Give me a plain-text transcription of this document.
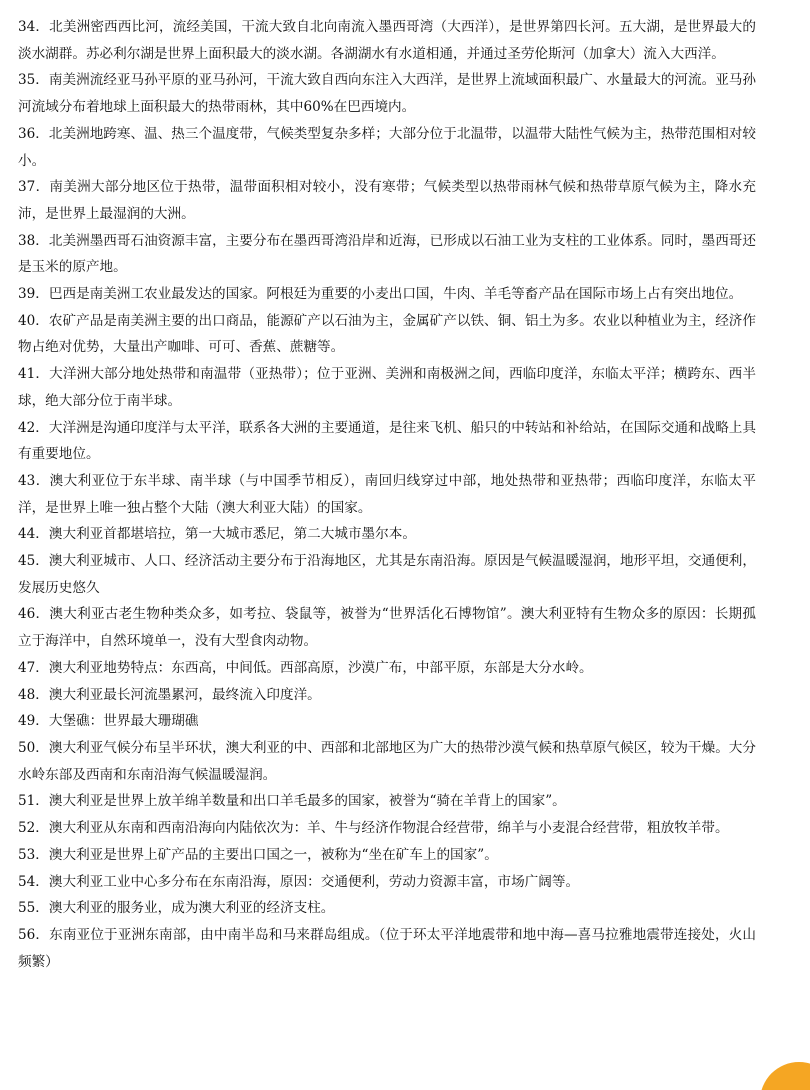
34．北美洲密西西比河，流经美国，干流大致自北向南流入墨西哥湾（大西洋），是世界第四长河。五大湖，是世界最大的淡水湖群。苏必利尔湖是世界上面积最大的淡水湖。各湖湖水有水道相通，并通过圣劳伦斯河（加拿大）流入大西洋。
35．南美洲流经亚马孙平原的亚马孙河，干流大致自西向东注入大西洋，是世界上流域面积最广、水量最大的河流。亚马孙河流域分布着地球上面积最大的热带雨林，其中60%在巴西境内。
36．北美洲地跨寒、温、热三个温度带，气候类型复杂多样；大部分位于北温带，以温带大陆性气候为主，热带范围相对较小。
37．南美洲大部分地区位于热带，温带面积相对较小，没有寒带；气候类型以热带雨林气候和热带草原气候为主，降水充沛，是世界上最湿润的大洲。
38．北美洲墨西哥石油资源丰富，主要分布在墨西哥湾沿岸和近海，已形成以石油工业为支柱的工业体系。同时，墨西哥还是玉米的原产地。
39．巴西是南美洲工农业最发达的国家。阿根廷为重要的小麦出口国，牛肉、羊毛等畜产品在国际市场上占有突出地位。
40．农矿产品是南美洲主要的出口商品，能源矿产以石油为主，金属矿产以铁、铜、铝土为多。农业以种植业为主，经济作物占绝对优势，大量出产咖啡、可可、香蕉、蔗糖等。
41．大洋洲大部分地处热带和南温带（亚热带）；位于亚洲、美洲和南极洲之间，西临印度洋，东临太平洋；横跨东、西半球，绝大部分位于南半球。
42．大洋洲是沟通印度洋与太平洋，联系各大洲的主要通道，是往来飞机、船只的中转站和补给站，在国际交通和战略上具有重要地位。
43．澳大利亚位于东半球、南半球（与中国季节相反），南回归线穿过中部，地处热带和亚热带；西临印度洋，东临太平洋，是世界上唯一独占整个大陆（澳大利亚大陆）的国家。
44．澳大利亚首都堪培拉，第一大城市悉尼，第二大城市墨尔本。
45．澳大利亚城市、人口、经济活动主要分布于沿海地区，尤其是东南沿海。原因是气候温暖湿润，地形平坦，交通便利，发展历史悠久
46．澳大利亚古老生物种类众多，如考拉、袋鼠等，被誉为“世界活化石博物馆”。澳大利亚特有生物众多的原因：长期孤立于海洋中，自然环境单一，没有大型食肉动物。
47．澳大利亚地势特点：东西高，中间低。西部高原，沙漠广布，中部平原，东部是大分水岭。
48．澳大利亚最长河流墨累河，最终流入印度洋。
49．大堡礁：世界最大珊瑚礁
50．澳大利亚气候分布呈半环状，澳大利亚的中、西部和北部地区为广大的热带沙漠气候和热草原气候区，较为干燥。大分水岭东部及西南和东南沿海气候温暖湿润。
51．澳大利亚是世界上放羊绵羊数量和出口羊毛最多的国家，被誉为“骑在羊背上的国家”。
52．澳大利亚从东南和西南沿海向内陆依次为：羊、牛与经济作物混合经营带，绵羊与小麦混合经营带，粗放牧羊带。
53．澳大利亚是世界上矿产品的主要出口国之一，被称为“坐在矿车上的国家”。
54．澳大利亚工业中心多分布在东南沿海，原因：交通便利，劳动力资源丰富，市场广阔等。
55．澳大利亚的服务业，成为澳大利亚的经济支柱。
56．东南亚位于亚洲东南部，由中南半岛和马来群岛组成。（位于环太平洋地震带和地中海—喜马拉雅地震带连接处，火山频繁）
